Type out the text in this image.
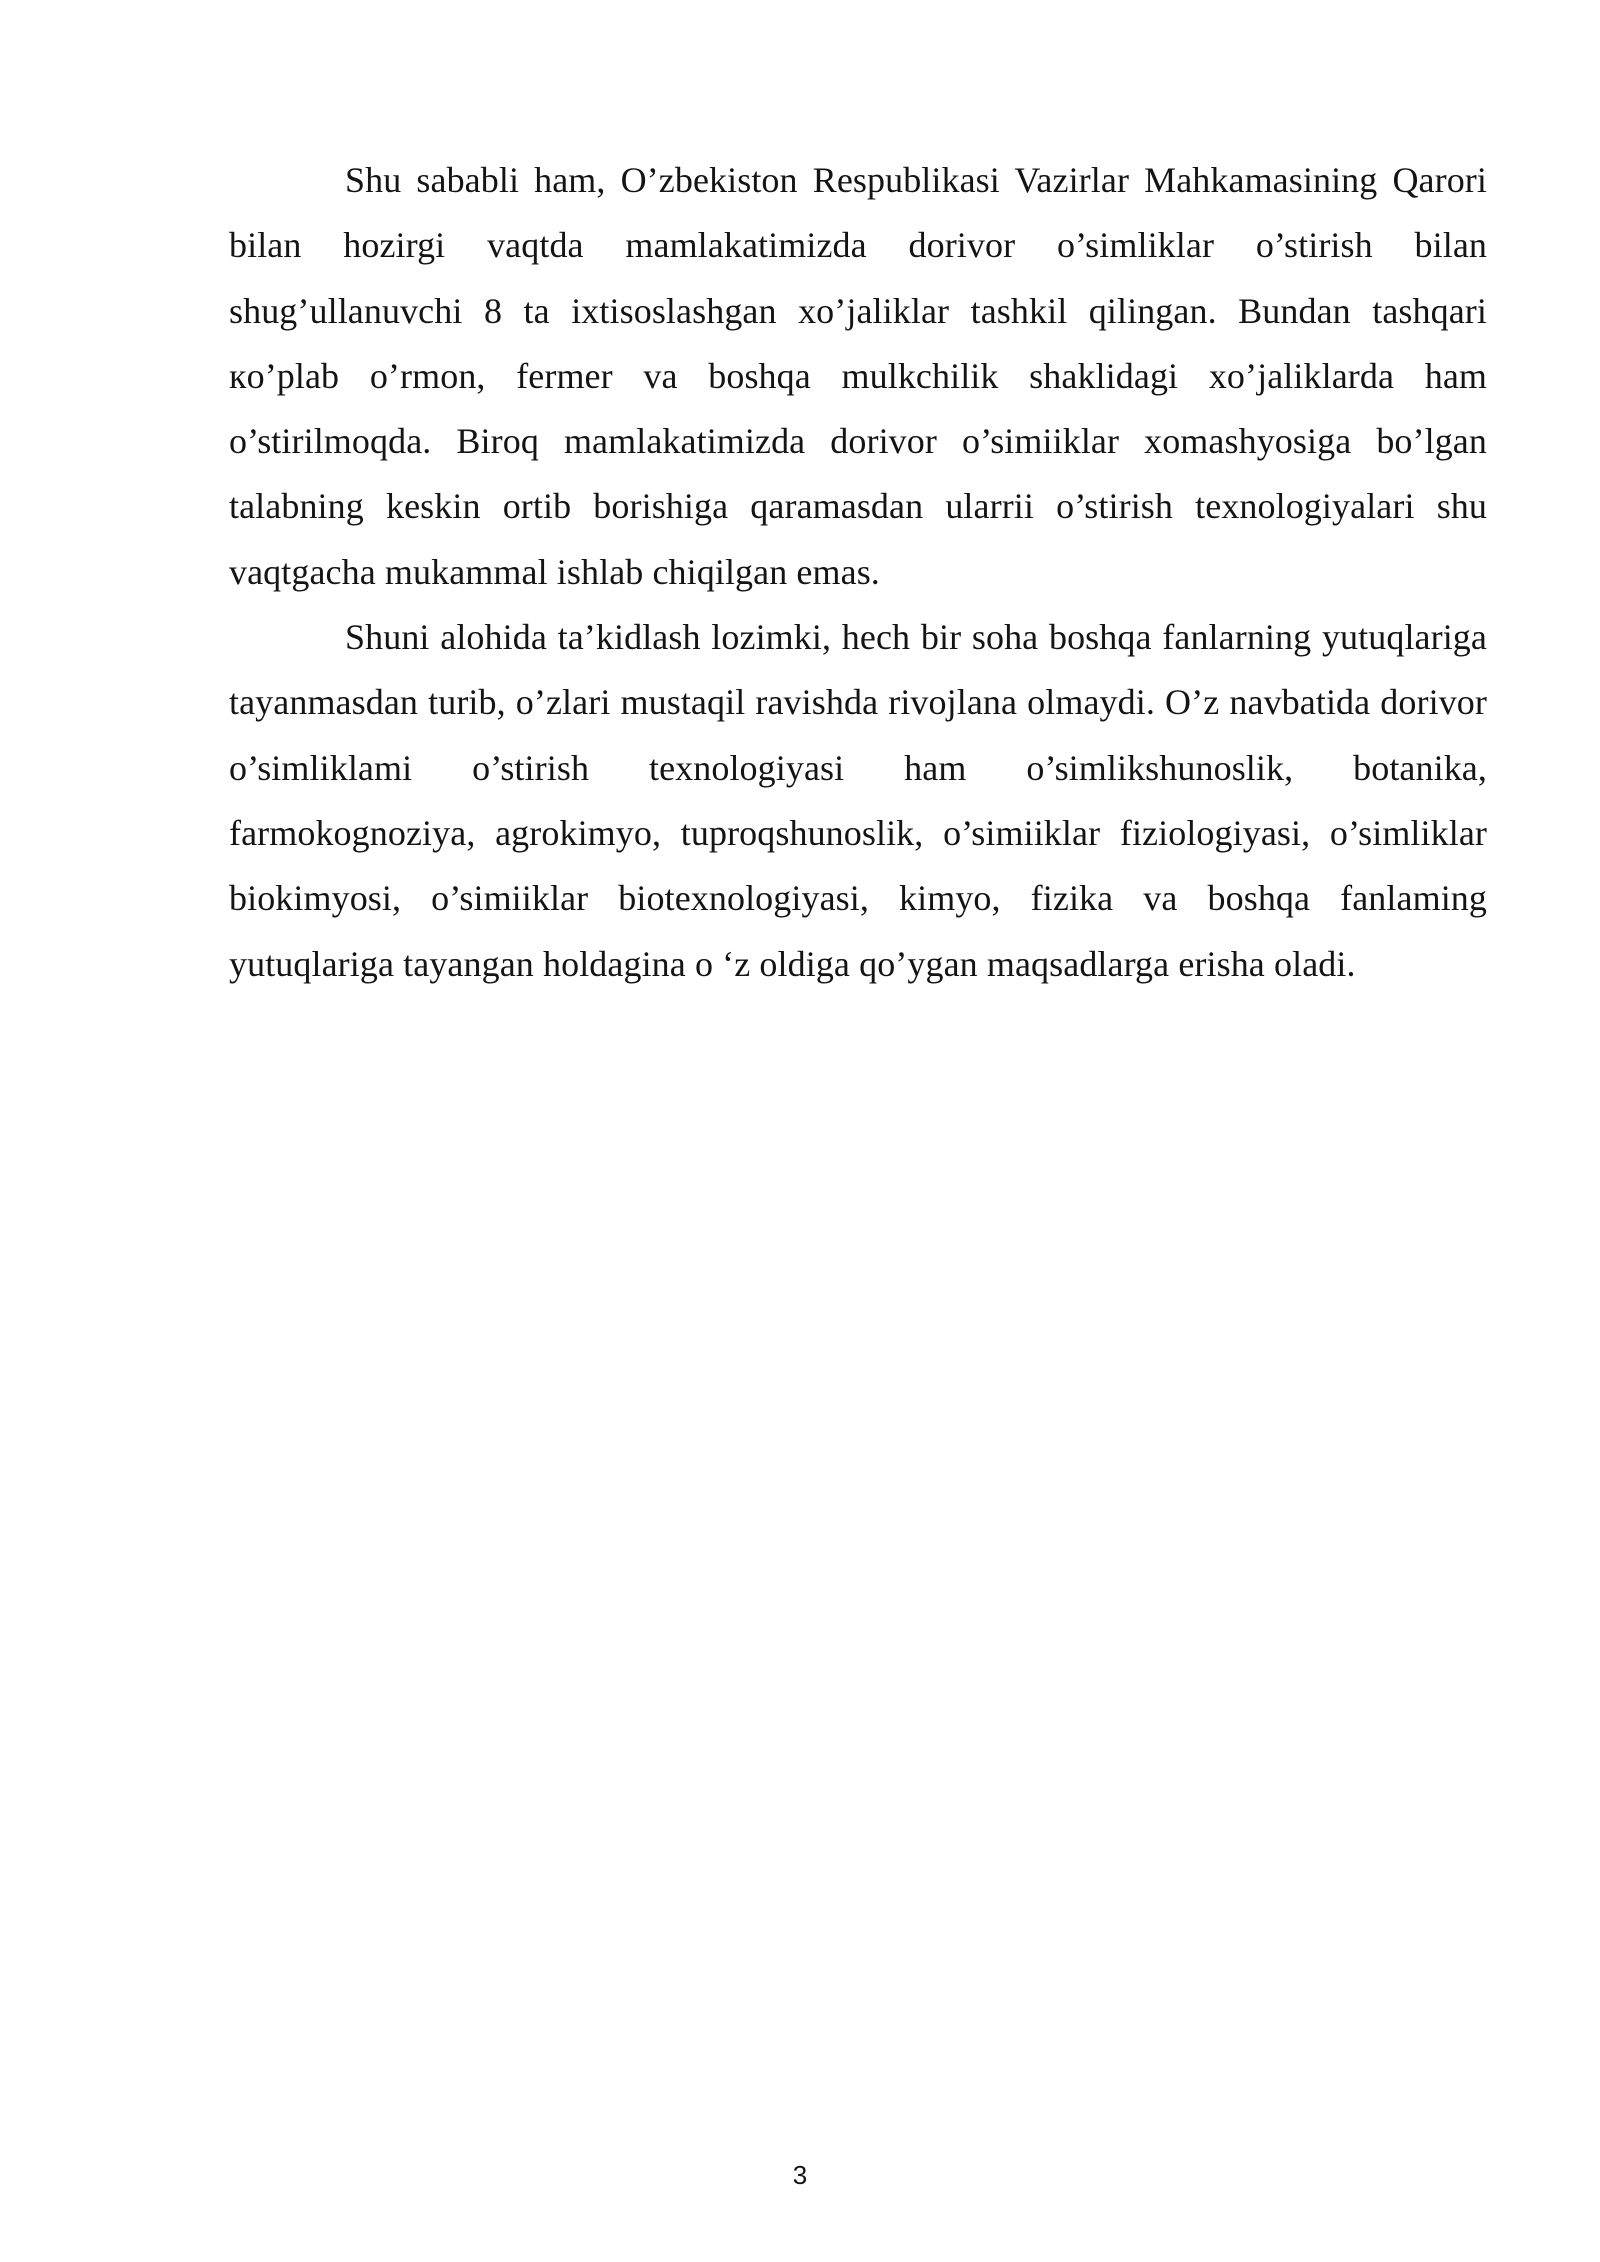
Shu sababli ham, O’zbekiston Respublikasi Vazirlar Mahkamasining Qarori bilan hozirgi vaqtda mamlakatimizda dorivor o’simliklar o’stirish bilan shug’ullanuvchi 8 ta ixtisoslashgan xo’jaliklar tashkil qilingan. Bundan tashqari кo’plab o’rmon, fermer va boshqa mulkchilik shaklidagi xo’jaliklarda ham o’stirilmoqda. Biroq mamlakatimizda dorivor o’simiiklar xomashyosiga bo’lgan talabning keskin ortib borishiga qaramasdan ularrii o’stirish texnologiyalari shu vaqtgacha mukammal ishlab chiqilgan emas.

Shuni alohida ta’kidlash lozimki, hech bir soha boshqa fanlarning yutuqlariga tayanmasdan turib, o’zlari mustaqil ravishda rivojlana olmaydi. O’z navbatida dorivor o’simliklami o’stirish texnologiyasi ham o’simlikshunoslik, botanika, farmokognoziya, agrokimyo, tuproqshunoslik, o’simiiklar fiziologiyasi, o’simliklar biokimyosi, o’simiiklar biotexnologiyasi, kimyo, fizika va boshqa fanlaming yutuqlariga tayangan holdagina o ‘z oldiga qo’ygan maqsadlarga erisha oladi.

3
